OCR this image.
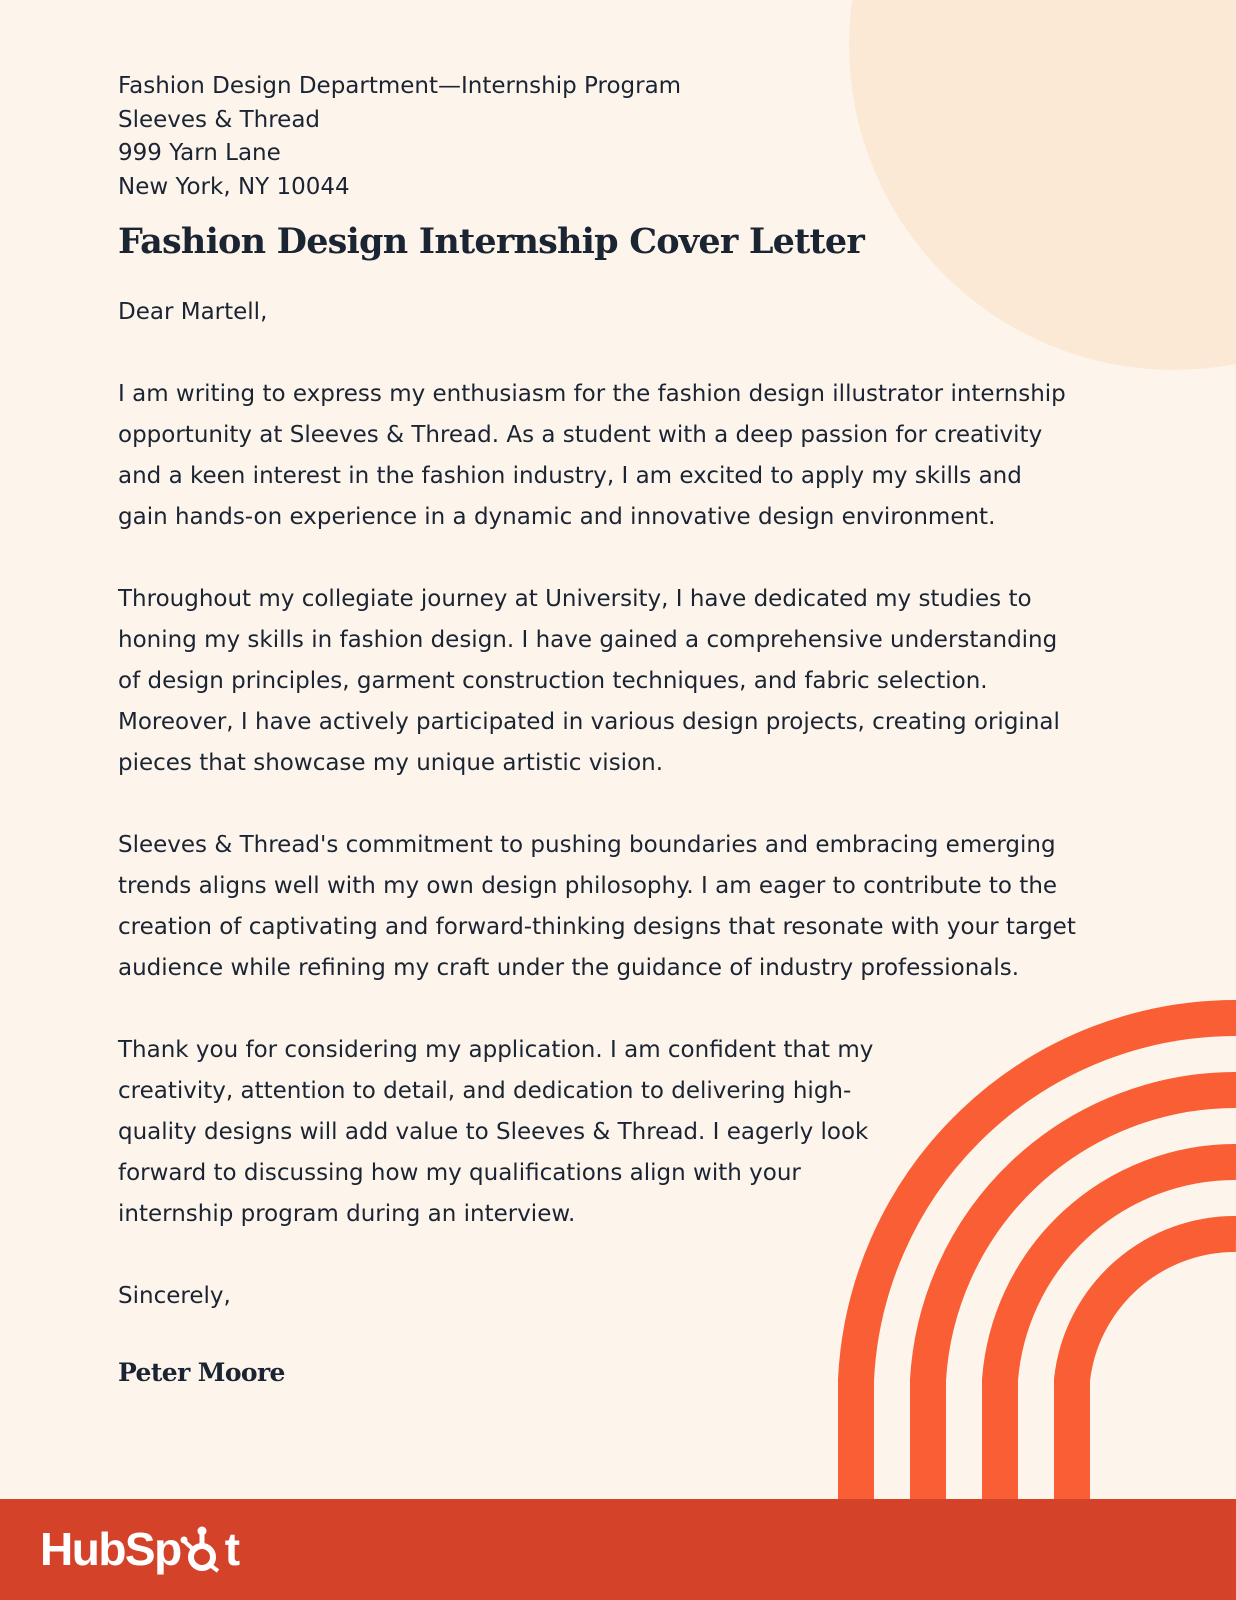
Fashion Design Department—Internship Program
Sleeves & Thread
999 Yarn Lane
New York, NY 10044
Fashion Design Internship Cover Letter

Dear Martell,

I am writing to express my enthusiasm for the fashion design illustrator internship opportunity at Sleeves & Thread. As a student with a deep passion for creativity and a keen interest in the fashion industry, I am excited to apply my skills and gain hands-on experience in a dynamic and innovative design environment.

Throughout my collegiate journey at University, I have dedicated my studies to honing my skills in fashion design. I have gained a comprehensive understanding of design principles, garment construction techniques, and fabric selection. Moreover, I have actively participated in various design projects, creating original pieces that showcase my unique artistic vision.

Sleeves & Thread's commitment to pushing boundaries and embracing emerging trends aligns well with my own design philosophy. I am eager to contribute to the creation of captivating and forward-thinking designs that resonate with your target audience while refining my craft under the guidance of industry professionals.

Thank you for considering my application. I am confident that my creativity, attention to detail, and dedication to delivering high-quality designs will add value to Sleeves & Thread. I eagerly look forward to discussing how my qualifications align with your internship program during an interview.

Sincerely,

Peter Moore
HubSp t
